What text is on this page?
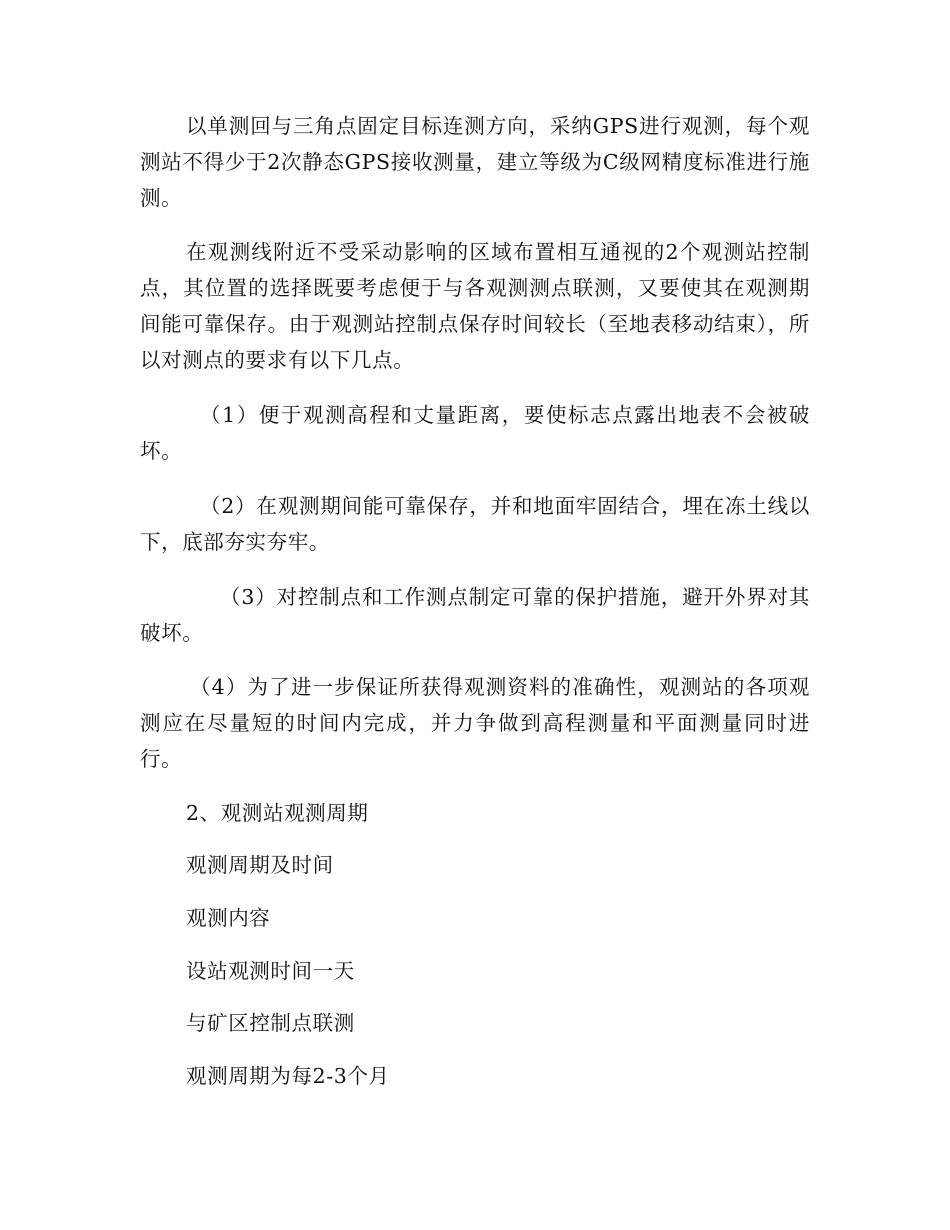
以单测回与三角点固定目标连测方向，采纳GPS进行观测，每个观测站不得少于2次静态GPS接收测量，建立等级为C级网精度标准进行施测。

在观测线附近不受采动影响的区域布置相互通视的2个观测站控制点，其位置的选择既要考虑便于与各观测测点联测，又要使其在观测期间能可靠保存。由于观测站控制点保存时间较长（至地表移动结束），所以对测点的要求有以下几点。

（1）便于观测高程和丈量距离，要使标志点露出地表不会被破坏。

（2）在观测期间能可靠保存，并和地面牢固结合，埋在冻土线以下，底部夯实夯牢。

（3）对控制点和工作测点制定可靠的保护措施，避开外界对其破坏。

（4）为了进一步保证所获得观测资料的准确性，观测站的各项观测应在尽量短的时间内完成，并力争做到高程测量和平面测量同时进行。

2、观测站观测周期

观测周期及时间

观测内容

设站观测时间一天

与矿区控制点联测

观测周期为每2-3个月
